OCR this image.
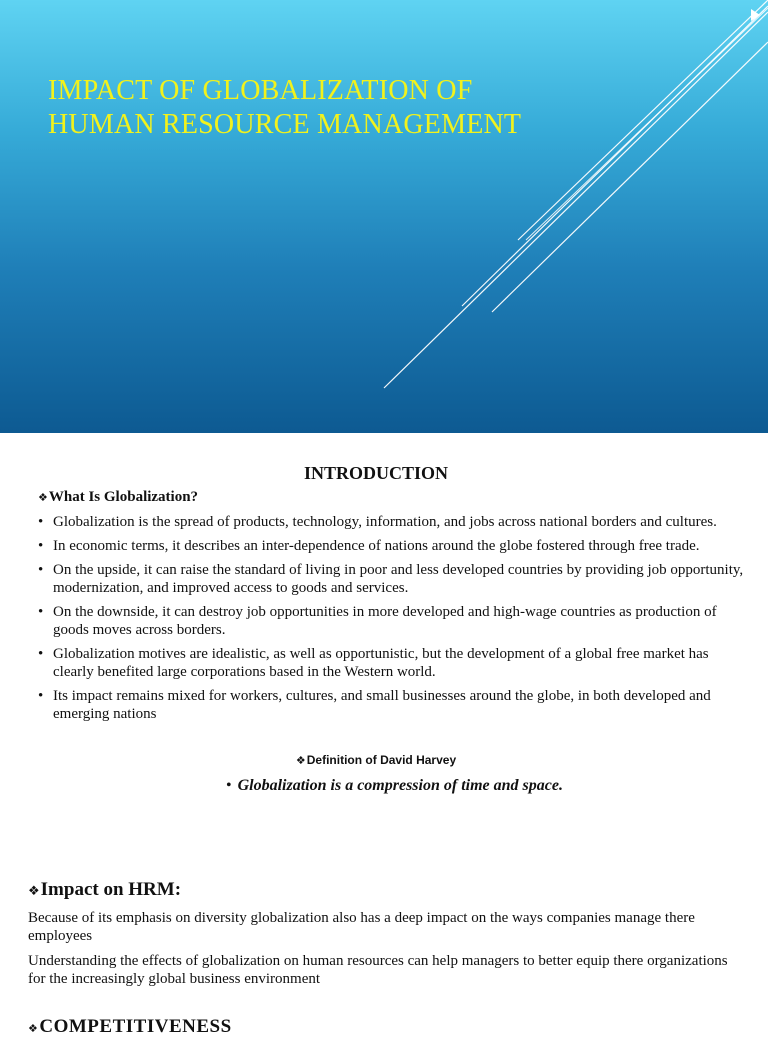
IMPACT OF GLOBALIZATION OF
HUMAN RESOURCE MANAGEMENT
INTRODUCTION
❖What Is Globalization?
• Globalization is the spread of products, technology, information, and jobs across national borders and cultures.
• In economic terms, it describes an inter-dependence of nations around the globe fostered through free trade.
• On the upside, it can raise the standard of living in poor and less developed countries by providing job opportunity, modernization, and improved access to goods and services.
• On the downside, it can destroy job opportunities in more developed and high-wage countries as production of goods moves across borders.
• Globalization motives are idealistic, as well as opportunistic, but the development of a global free market has clearly benefited large corporations based in the Western world.
• Its impact remains mixed for workers, cultures, and small businesses around the globe, in both developed and emerging nations
❖Definition of David Harvey
• Globalization is a compression of time and space.
❖Impact on HRM:

Because of its emphasis on diversity globalization also has a deep impact on the ways companies manage there employees

Understanding the effects of globalization on human resources can help managers to better equip there organizations for the increasingly global business environment

❖COMPETITIVENESS
